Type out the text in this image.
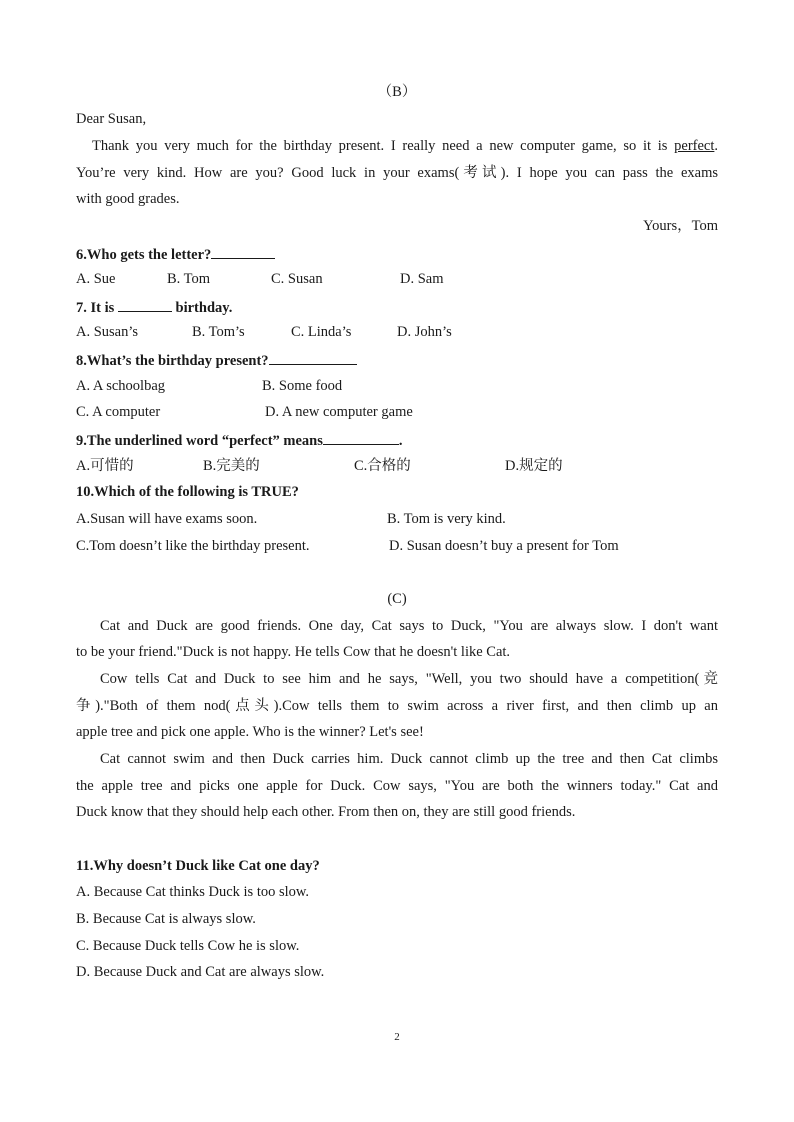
（B）
Dear Susan,
Thank you very much for the birthday present. I really need a new computer game, so it is perfect.
You’re very kind. How are you? Good luck in your exams(考试). I hope you can pass the exams
with good grades.
Yours，Tom
6.Who gets the letter?
A. Sue	B. Tom	C. Susan	D. Sam
7. It is	birthday.
A. Susan’s	B. Tom’s	C. Linda’s	D. John’s
8.What’s the birthday present?
A. A schoolbag	B. Some food
C. A computer	D. A new computer game
9.The underlined word “perfect” means	.
A.可惜的	B.完美的	C.合格的	D.规定的
10.Which of the following is TRUE?
A.Susan will have exams soon.	B. Tom is very kind.
C.Tom doesn’t like the birthday present.	D. Susan doesn’t buy a present for Tom
(C)
Cat and Duck are good friends. One day, Cat says to Duck, "You are always slow. I don't want
to be your friend."Duck is not happy. He tells Cow that he doesn't like Cat.
Cow tells Cat and Duck to see him and he says, "Well, you two should have a competition(竞
争)."Both of them nod(点头).Cow tells them to swim across a river first, and then climb up an
apple tree and pick one apple. Who is the winner? Let's see!
Cat cannot swim and then Duck carries him. Duck cannot climb up the tree and then Cat climbs
the apple tree and picks one apple for Duck. Cow says, "You are both the winners today." Cat and
Duck know that they should help each other. From then on, they are still good friends.
11.Why doesn’t Duck like Cat one day?
A. Because Cat thinks Duck is too slow.
B. Because Cat is always slow.
C. Because Duck tells Cow he is slow.
D. Because Duck and Cat are always slow.
2
